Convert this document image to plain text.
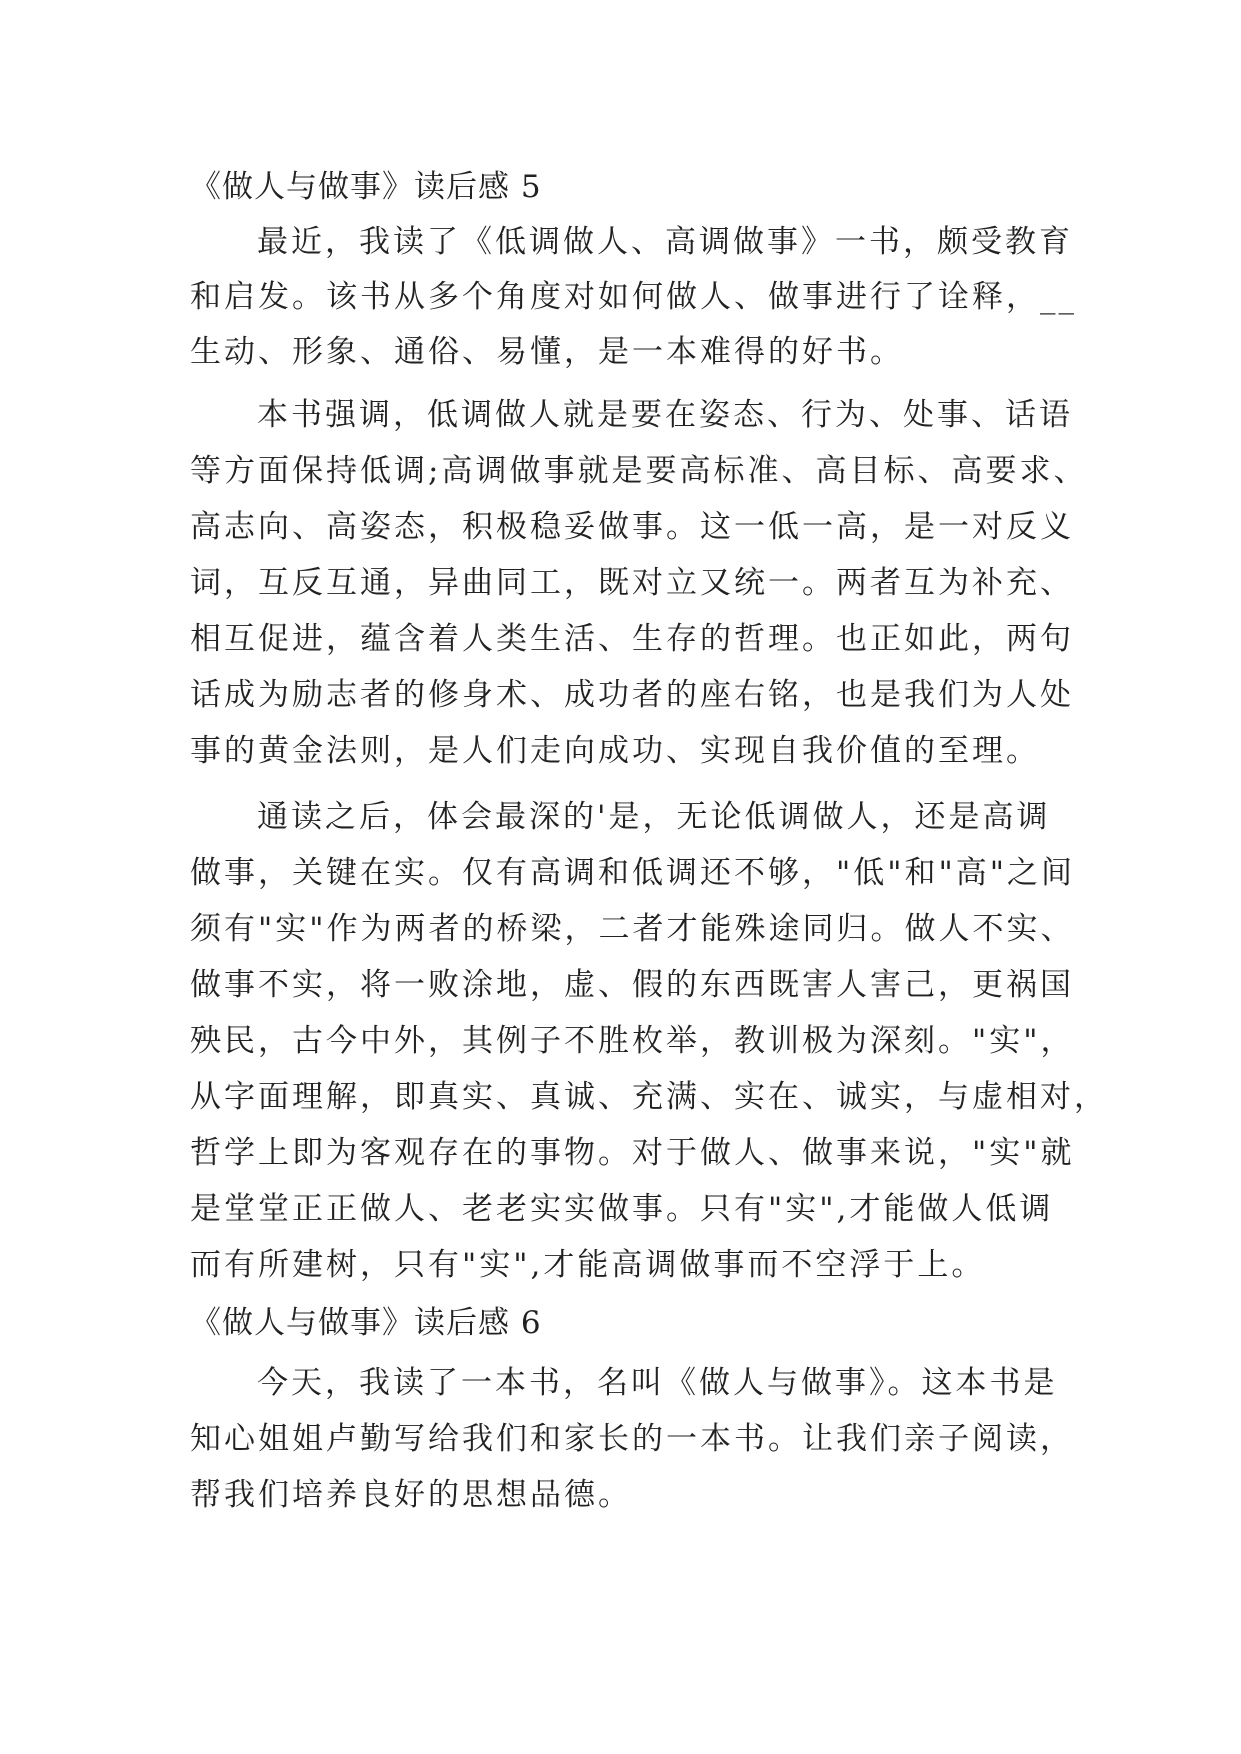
《做人与做事》读后感 5
最近，我读了《低调做人、高调做事》一书，颇受教育
和启发。该书从多个角度对如何做人、做事进行了诠释，__
生动、形象、通俗、易懂，是一本难得的好书。
本书强调，低调做人就是要在姿态、行为、处事、话语
等方面保持低调;高调做事就是要高标准、高目标、高要求、
高志向、高姿态，积极稳妥做事。这一低一高，是一对反义
词，互反互通，异曲同工，既对立又统一。两者互为补充、
相互促进，蕴含着人类生活、生存的哲理。也正如此，两句
话成为励志者的修身术、成功者的座右铭，也是我们为人处
事的黄金法则，是人们走向成功、实现自我价值的至理。
通读之后，体会最深的'是，无论低调做人，还是高调
做事，关键在实。仅有高调和低调还不够，"低"和"高"之间
须有"实"作为两者的桥梁，二者才能殊途同归。做人不实、
做事不实，将一败涂地，虚、假的东西既害人害己，更祸国
殃民，古今中外，其例子不胜枚举，教训极为深刻。"实"，
从字面理解，即真实、真诚、充满、实在、诚实，与虚相对，
哲学上即为客观存在的事物。对于做人、做事来说，"实"就
是堂堂正正做人、老老实实做事。只有"实",才能做人低调
而有所建树，只有"实",才能高调做事而不空浮于上。
《做人与做事》读后感 6
今天，我读了一本书，名叫《做人与做事》。这本书是
知心姐姐卢勤写给我们和家长的一本书。让我们亲子阅读，
帮我们培养良好的思想品德。
